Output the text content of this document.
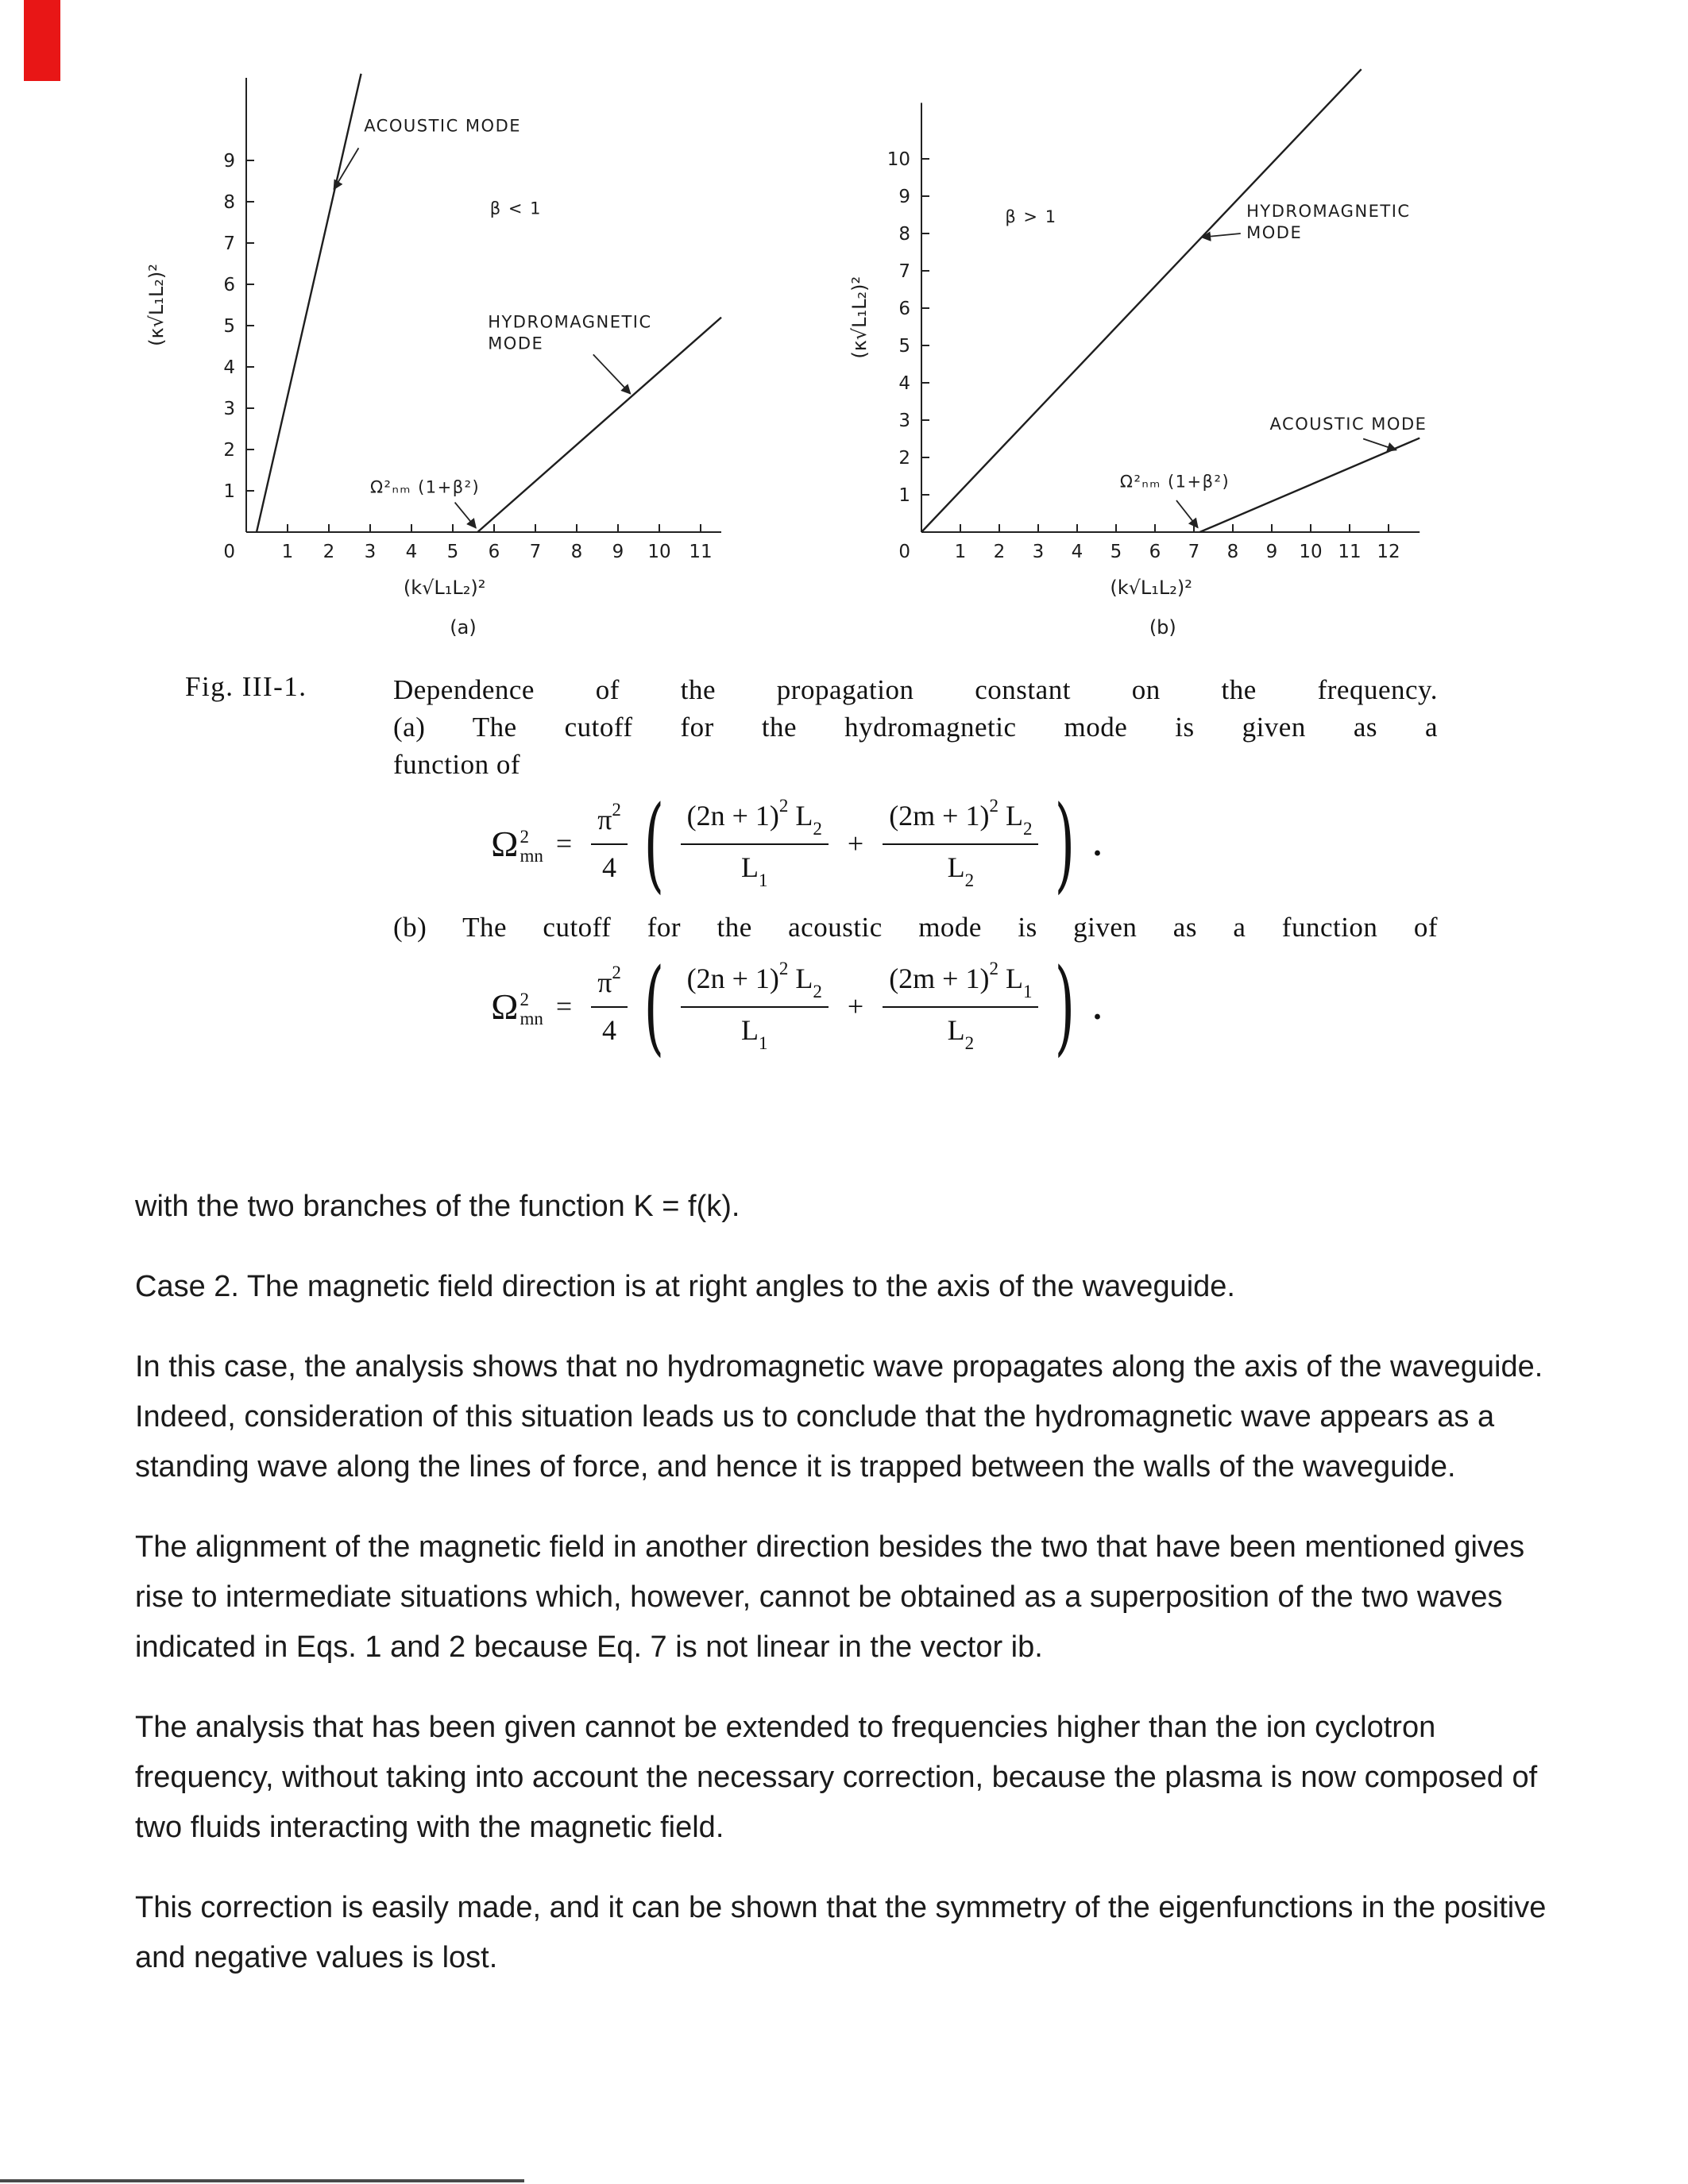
1 2 3 4 5 6 7 8 9 10 11
1
2
3
4
5
6
7
8
9
0
ACOUSTIC MODE
β < 1
HYDROMAGNETIC
MODE
Ω²ₙₘ (1+β²)
(k√L₁L₂)²
(a)
(κ√L₁L₂)²
1 2 3 4 5 6 7 8 9 10 11 12
1
2
3
4
5
6
7
8
9
10
0
β > 1	HYDROMAGNETIC
MODE
ACOUSTIC MODE
Ω²ₙₘ (1+β²)
(k√L₁L₂)²
(b)
(κ√L₁L₂)²
Fig. III-1.	Dependence of the propagation constant on the frequency.
(a) The cutoff for the hydromagnetic mode is given as a
function of
Ω 2
mn = $\frac{\pi^2}{4}$ ( $\frac{(2n + 1)^2 L_2}{L_1} + \frac{(2m + 1)^2 L_2}{L_2}$ ) .
(b) The cutoff for the acoustic mode is given as a function of
Ω 2
mn = $\frac{\pi^2}{4}$ ( $\frac{(2n + 1)^2 L_2}{L_1} + \frac{(2m + 1)^2 L_1}{L_2}$ ) .

with the two branches of the function K = f(k).

Case 2. The magnetic field direction is at right angles to the axis of the waveguide.

In this case, the analysis shows that no hydromagnetic wave propagates along the axis of the waveguide. Indeed, consideration of this situation leads us to conclude that the hydromagnetic wave appears as a standing wave along the lines of force, and hence it is trapped between the walls of the waveguide.

The alignment of the magnetic field in another direction besides the two that have been mentioned gives rise to intermediate situations which, however, cannot be obtained as a superposition of the two waves indicated in Eqs. 1 and 2 because Eq. 7 is not linear in the vector ib.

The analysis that has been given cannot be extended to frequencies higher than the ion cyclotron frequency, without taking into account the necessary correction, because the plasma is now composed of two fluids interacting with the magnetic field.

This correction is easily made, and it can be shown that the symmetry of the eigenfunctions in the positive and negative values is lost.
